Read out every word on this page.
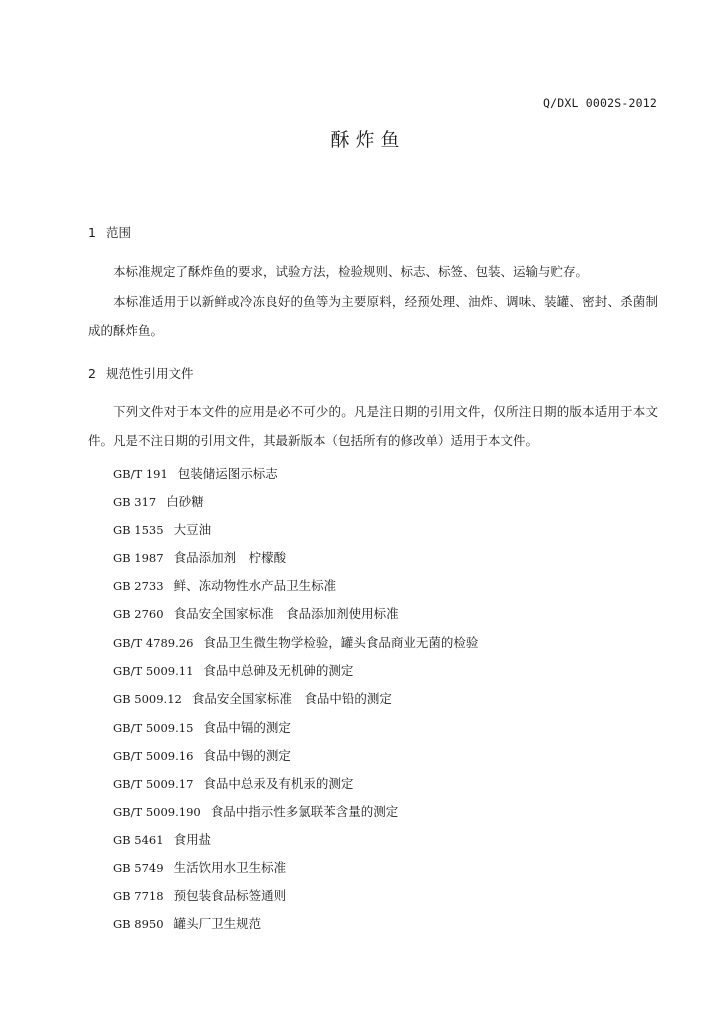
Q/DXL 0002S-2012
酥炸鱼
1 范围
本标准规定了酥炸鱼的要求，试验方法，检验规则、标志、标签、包装、运输与贮存。
本标准适用于以新鲜或冷冻良好的鱼等为主要原料，经预处理、油炸、调味、装罐、密封、杀菌制成的酥炸鱼。
2 规范性引用文件
下列文件对于本文件的应用是必不可少的。凡是注日期的引用文件，仅所注日期的版本适用于本文件。凡是不注日期的引用文件，其最新版本（包括所有的修改单）适用于本文件。
GB/T 191 包装储运图示标志
GB 317 白砂糖
GB 1535 大豆油
GB 1987 食品添加剂　柠檬酸
GB 2733 鲜、冻动物性水产品卫生标准
GB 2760 食品安全国家标准　食品添加剂使用标准
GB/T 4789.26 食品卫生微生物学检验，罐头食品商业无菌的检验
GB/T 5009.11 食品中总砷及无机砷的测定
GB 5009.12 食品安全国家标准　食品中铅的测定
GB/T 5009.15 食品中镉的测定
GB/T 5009.16 食品中锡的测定
GB/T 5009.17 食品中总汞及有机汞的测定
GB/T 5009.190 食品中指示性多氯联苯含量的测定
GB 5461 食用盐
GB 5749 生活饮用水卫生标准
GB 7718 预包装食品标签通则
GB 8950 罐头厂卫生规范
